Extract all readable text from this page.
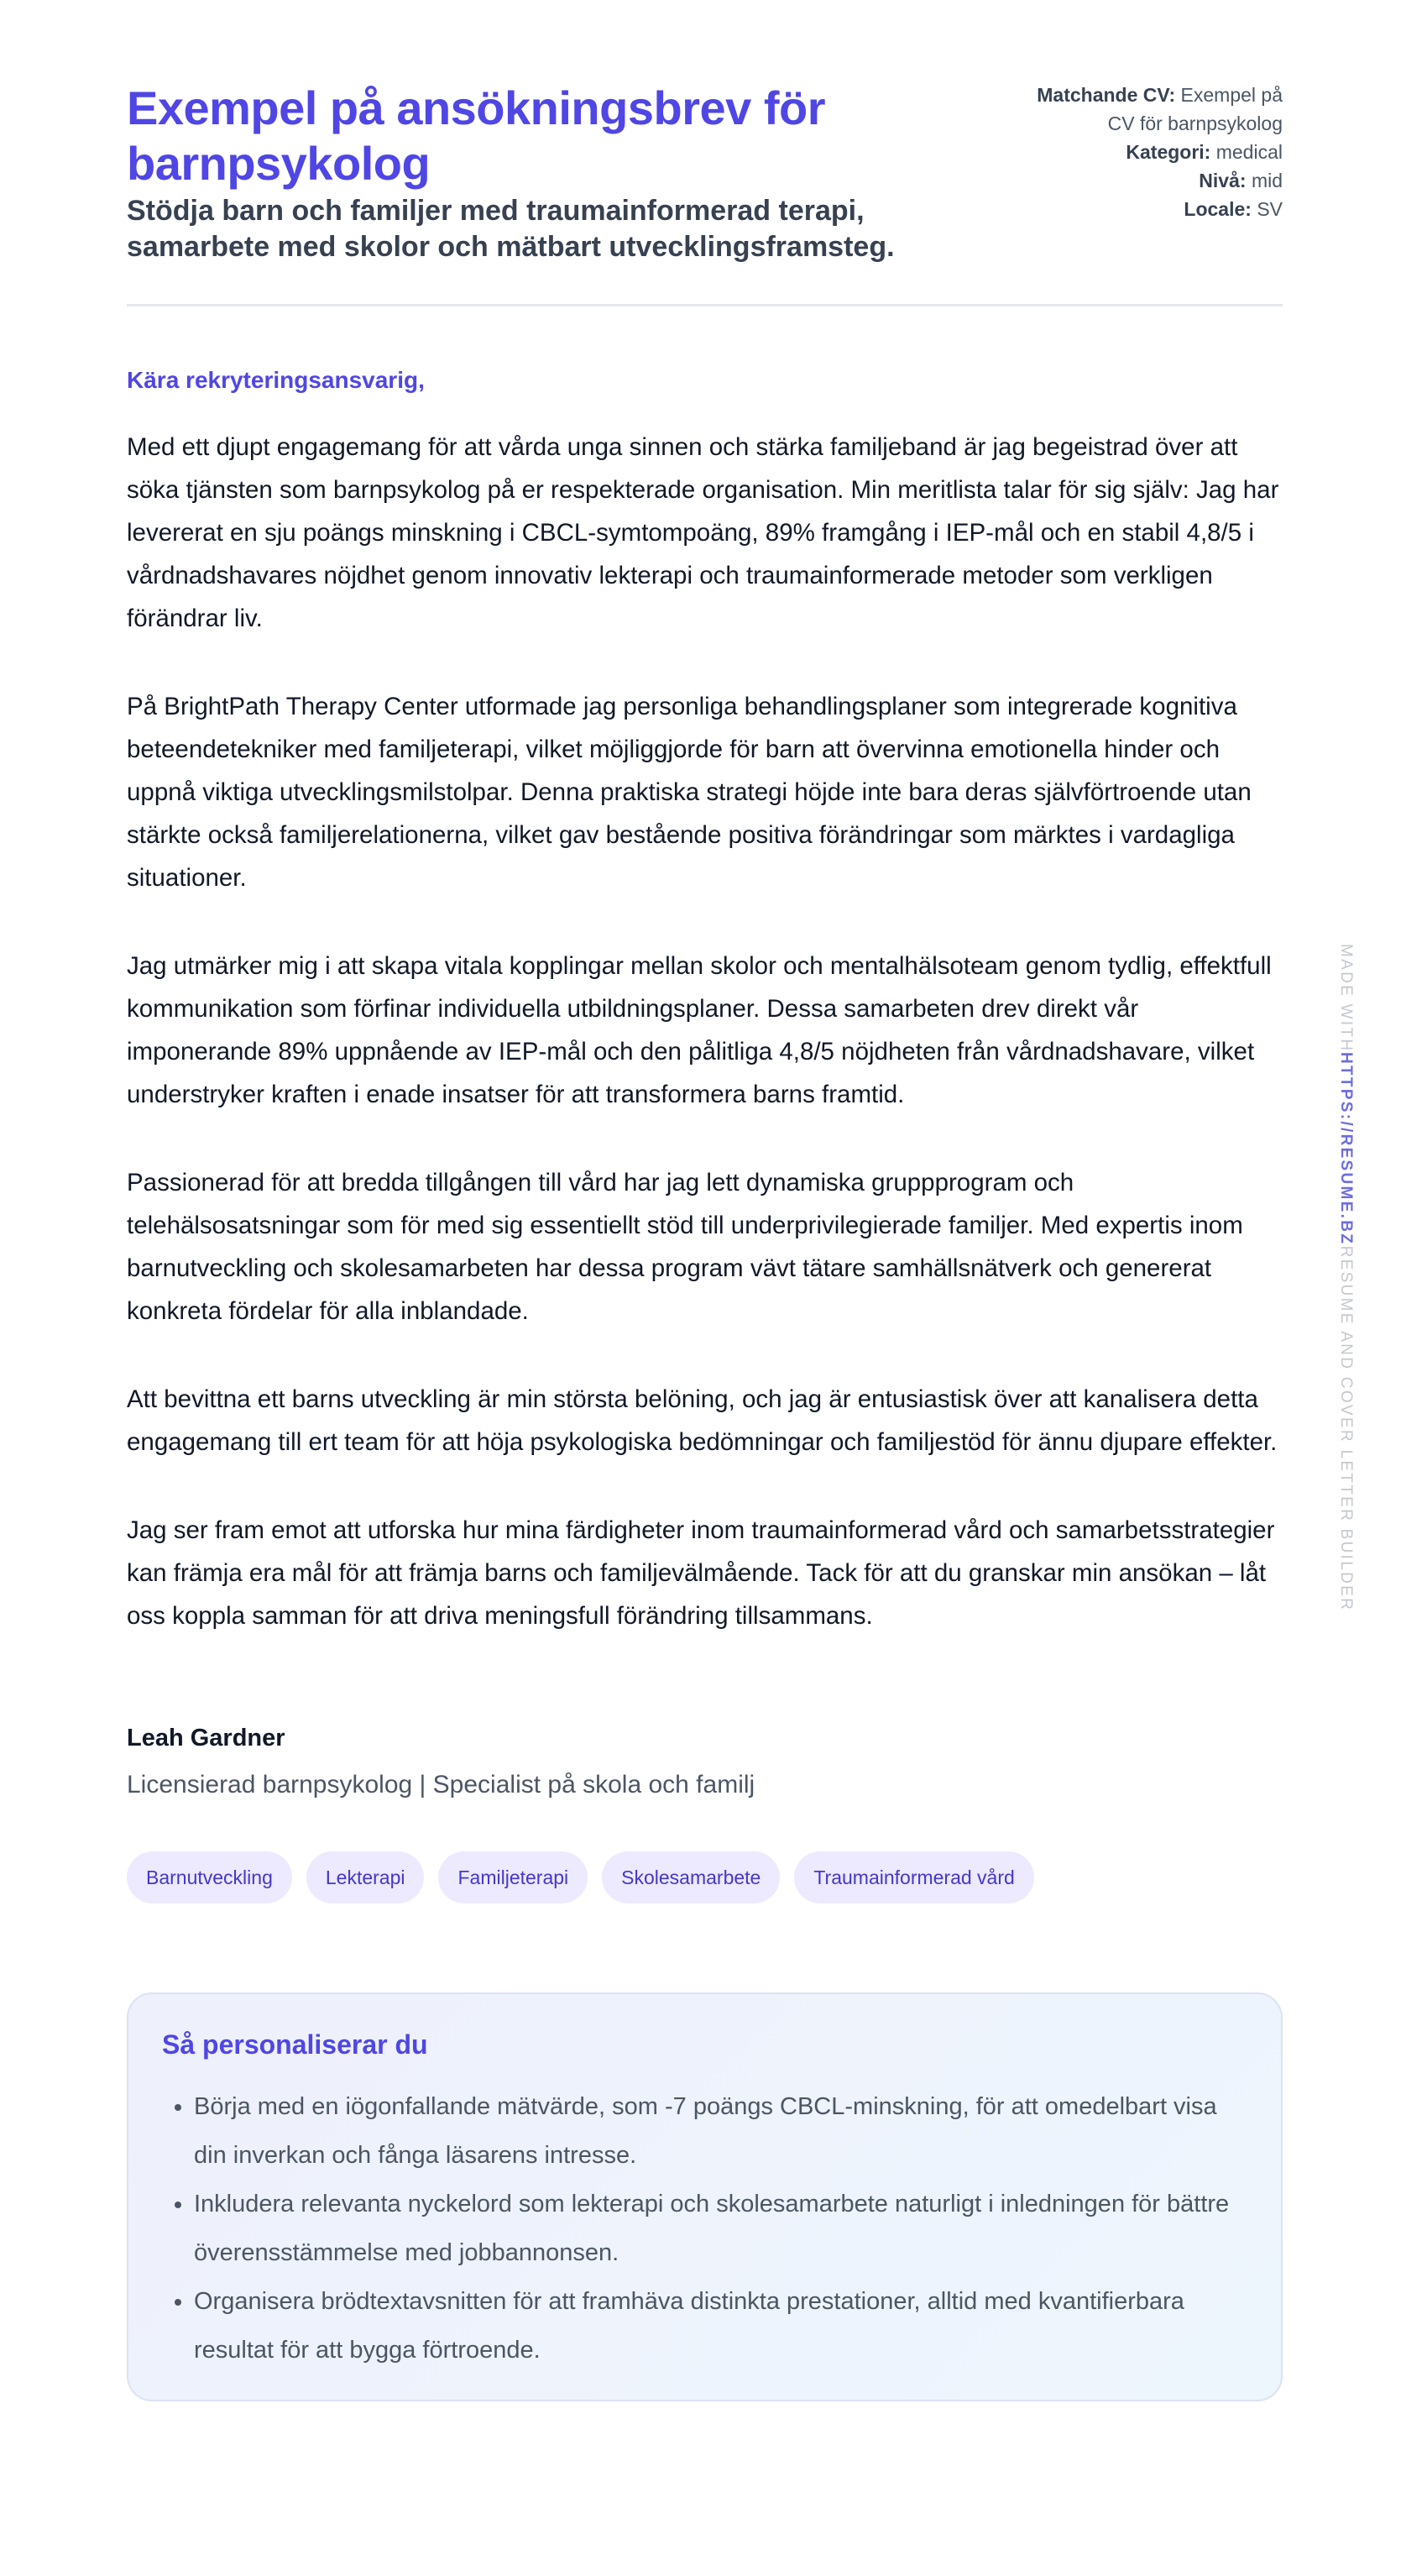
Exempel på ansökningsbrev för barnpsykolog
Stödja barn och familjer med traumainformerad terapi, samarbete med skolor och mätbart utvecklingsframsteg.
Matchande CV: Exempel på CV för barnpsykolog
Kategori: medical
Nivå: mid
Locale: SV
Kära rekryteringsansvarig,

Med ett djupt engagemang för att vårda unga sinnen och stärka familjeband är jag begeistrad över att söka tjänsten som barnpsykolog på er respekterade organisation. Min meritlista talar för sig själv: Jag har levererat en sju poängs minskning i CBCL-symtompoäng, 89% framgång i IEP-mål och en stabil 4,8/5 i vårdnadshavares nöjdhet genom innovativ lekterapi och traumainformerade metoder som verkligen förändrar liv.

På BrightPath Therapy Center utformade jag personliga behandlingsplaner som integrerade kognitiva beteendetekniker med familjeterapi, vilket möjliggjorde för barn att övervinna emotionella hinder och uppnå viktiga utvecklingsmilstolpar. Denna praktiska strategi höjde inte bara deras självförtroende utan stärkte också familjerelationerna, vilket gav bestående positiva förändringar som märktes i vardagliga situationer.

Jag utmärker mig i att skapa vitala kopplingar mellan skolor och mentalhälsoteam genom tydlig, effektfull kommunikation som förfinar individuella utbildningsplaner. Dessa samarbeten drev direkt vår imponerande 89% uppnående av IEP-mål och den pålitliga 4,8/5 nöjdheten från vårdnadshavare, vilket understryker kraften i enade insatser för att transformera barns framtid.

Passionerad för att bredda tillgången till vård har jag lett dynamiska gruppprogram och telehälsosatsningar som för med sig essentiellt stöd till underprivilegierade familjer. Med expertis inom barnutveckling och skolesamarbeten har dessa program vävt tätare samhällsnätverk och genererat konkreta fördelar för alla inblandade.

Att bevittna ett barns utveckling är min största belöning, och jag är entusiastisk över att kanalisera detta engagemang till ert team för att höja psykologiska bedömningar och familjestöd för ännu djupare effekter.

Jag ser fram emot att utforska hur mina färdigheter inom traumainformerad vård och samarbetsstrategier kan främja era mål för att främja barns och familjevälmående. Tack för att du granskar min ansökan – låt oss koppla samman för att driva meningsfull förändring tillsammans.

Leah Gardner
Licensierad barnpsykolog | Specialist på skola och familj
Barnutveckling	Lekterapi	Familjeterapi	Skolesamarbete	Traumainformerad vård
Så personaliserar du
• Börja med en iögonfallande mätvärde, som -7 poängs CBCL-minskning, för att omedelbart visa din inverkan och fånga läsarens intresse.
• Inkludera relevanta nyckelord som lekterapi och skolesamarbete naturligt i inledningen för bättre överensstämmelse med jobbannonsen.
• Organisera brödtextavsnitten för att framhäva distinkta prestationer, alltid med kvantifierbara resultat för att bygga förtroende.
MADE WITHHTTPS://RESUME.BZRESUME AND COVER LETTER BUILDER
